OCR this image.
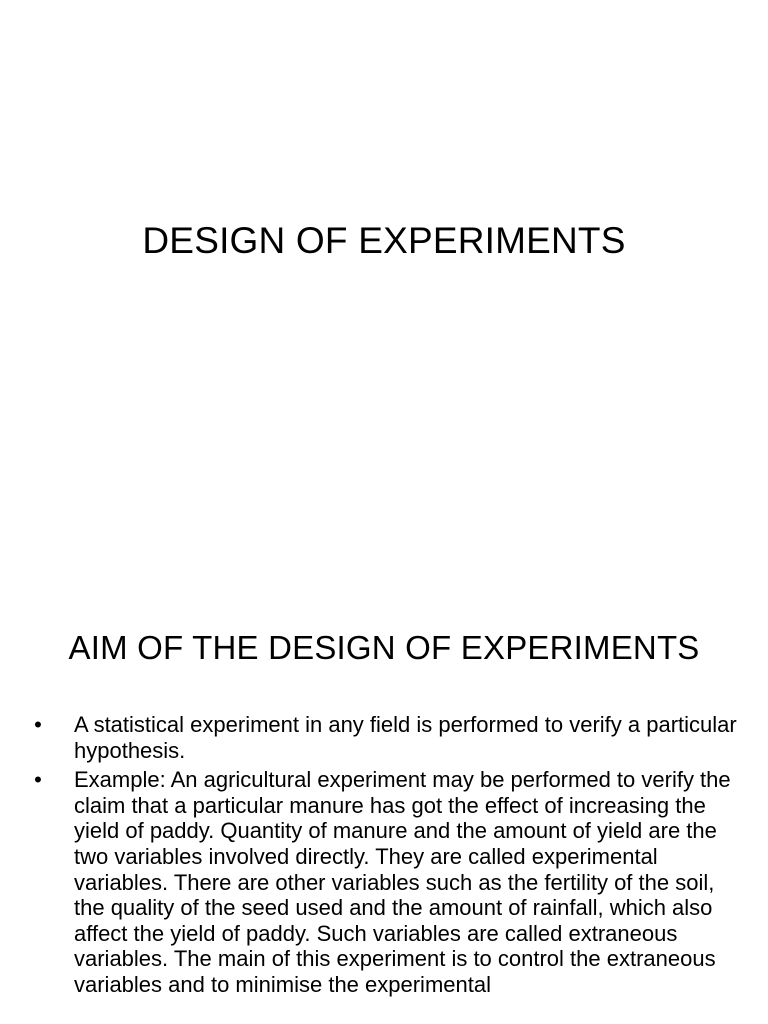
DESIGN OF EXPERIMENTS
AIM OF THE DESIGN OF EXPERIMENTS
• A statistical experiment in any field is performed to verify a particular hypothesis.
• Example: An agricultural experiment may be performed to verify the claim that a particular manure has got the effect of increasing the yield of paddy. Quantity of manure and the amount of yield are the two variables involved directly. They are called experimental variables. There are other variables such as the fertility of the soil, the quality of the seed used and the amount of rainfall, which also affect the yield of paddy. Such variables are called extraneous variables. The main of this experiment is to control the extraneous variables and to minimise the experimental
